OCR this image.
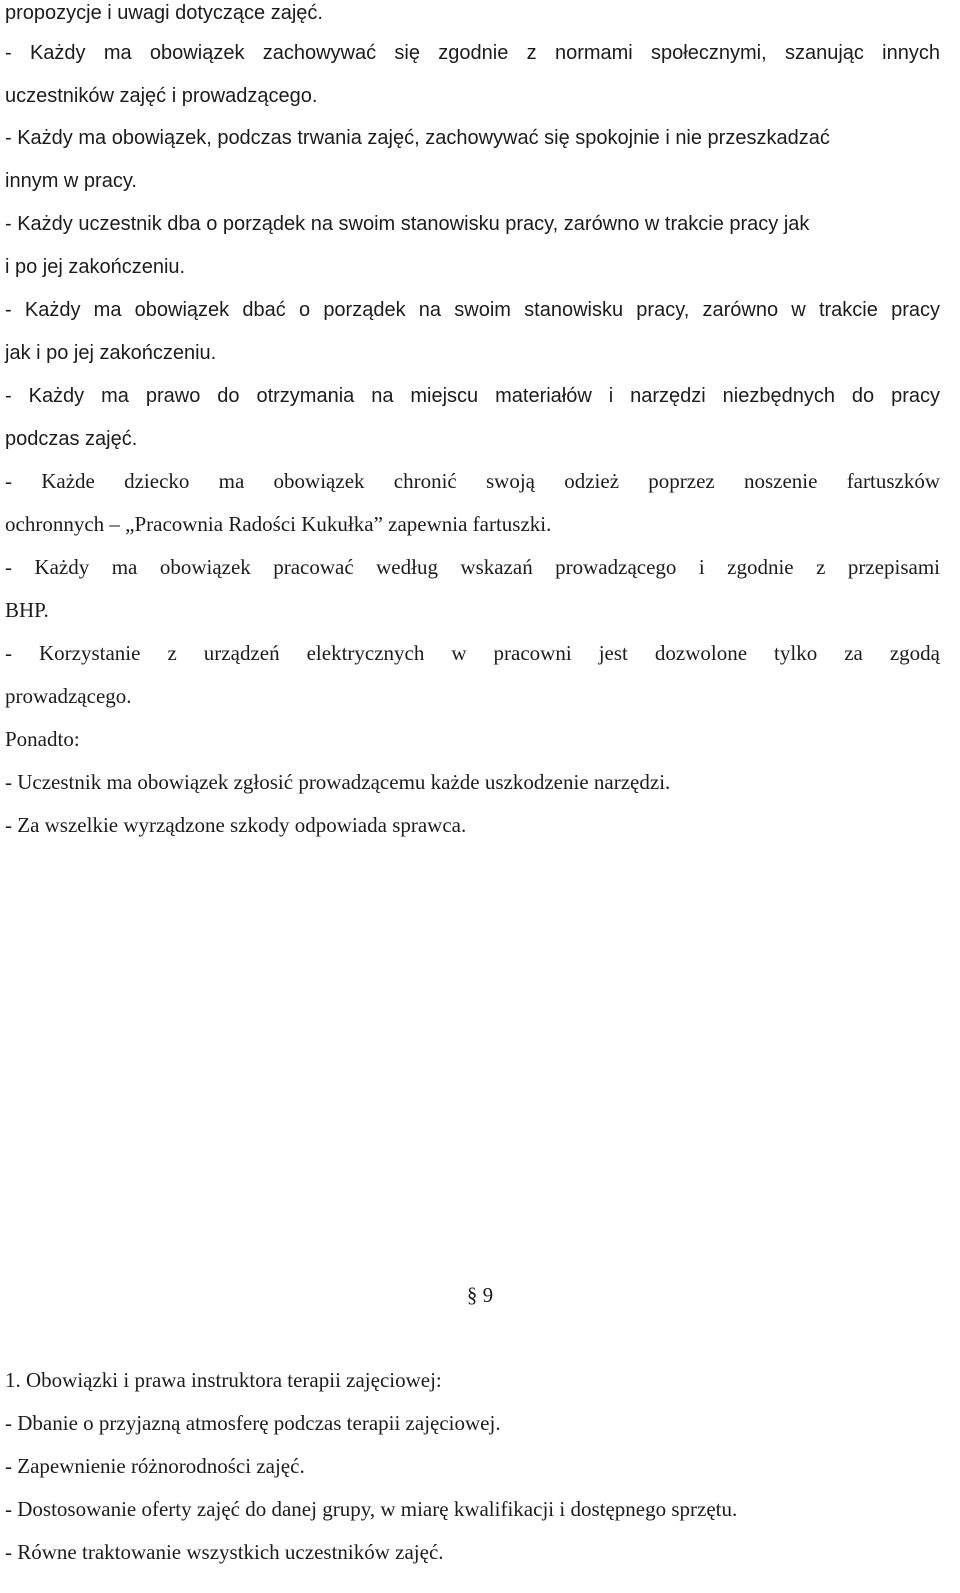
propozycje i uwagi dotyczące zajęć.
- Każdy ma obowiązek zachowywać się zgodnie z normami społecznymi, szanując innych
uczestników zajęć i prowadzącego.
- Każdy ma obowiązek, podczas trwania zajęć, zachowywać się spokojnie i nie przeszkadzać
innym w pracy.
- Każdy uczestnik dba o porządek na swoim stanowisku pracy, zarówno w trakcie pracy jak
i po jej zakończeniu.
- Każdy ma obowiązek dbać o porządek na swoim stanowisku pracy, zarówno w trakcie pracy
jak i po jej zakończeniu.
- Każdy ma prawo do otrzymania na miejscu materiałów i narzędzi niezbędnych do pracy
podczas zajęć.
- Każde dziecko ma obowiązek chronić swoją odzież poprzez noszenie fartuszków
ochronnych – „Pracownia Radości Kukułka” zapewnia fartuszki.
- Każdy ma obowiązek pracować według wskazań prowadzącego i zgodnie z przepisami
BHP.
- Korzystanie z urządzeń elektrycznych w pracowni jest dozwolone tylko za zgodą
prowadzącego.
Ponadto:
- Uczestnik ma obowiązek zgłosić prowadzącemu każde uszkodzenie narzędzi.
- Za wszelkie wyrządzone szkody odpowiada sprawca.
§ 9
1. Obowiązki i prawa instruktora terapii zajęciowej:
- Dbanie o przyjazną atmosferę podczas terapii zajęciowej.
- Zapewnienie różnorodności zajęć.
- Dostosowanie oferty zajęć do danej grupy, w miarę kwalifikacji i dostępnego sprzętu.
- Równe traktowanie wszystkich uczestników zajęć.
